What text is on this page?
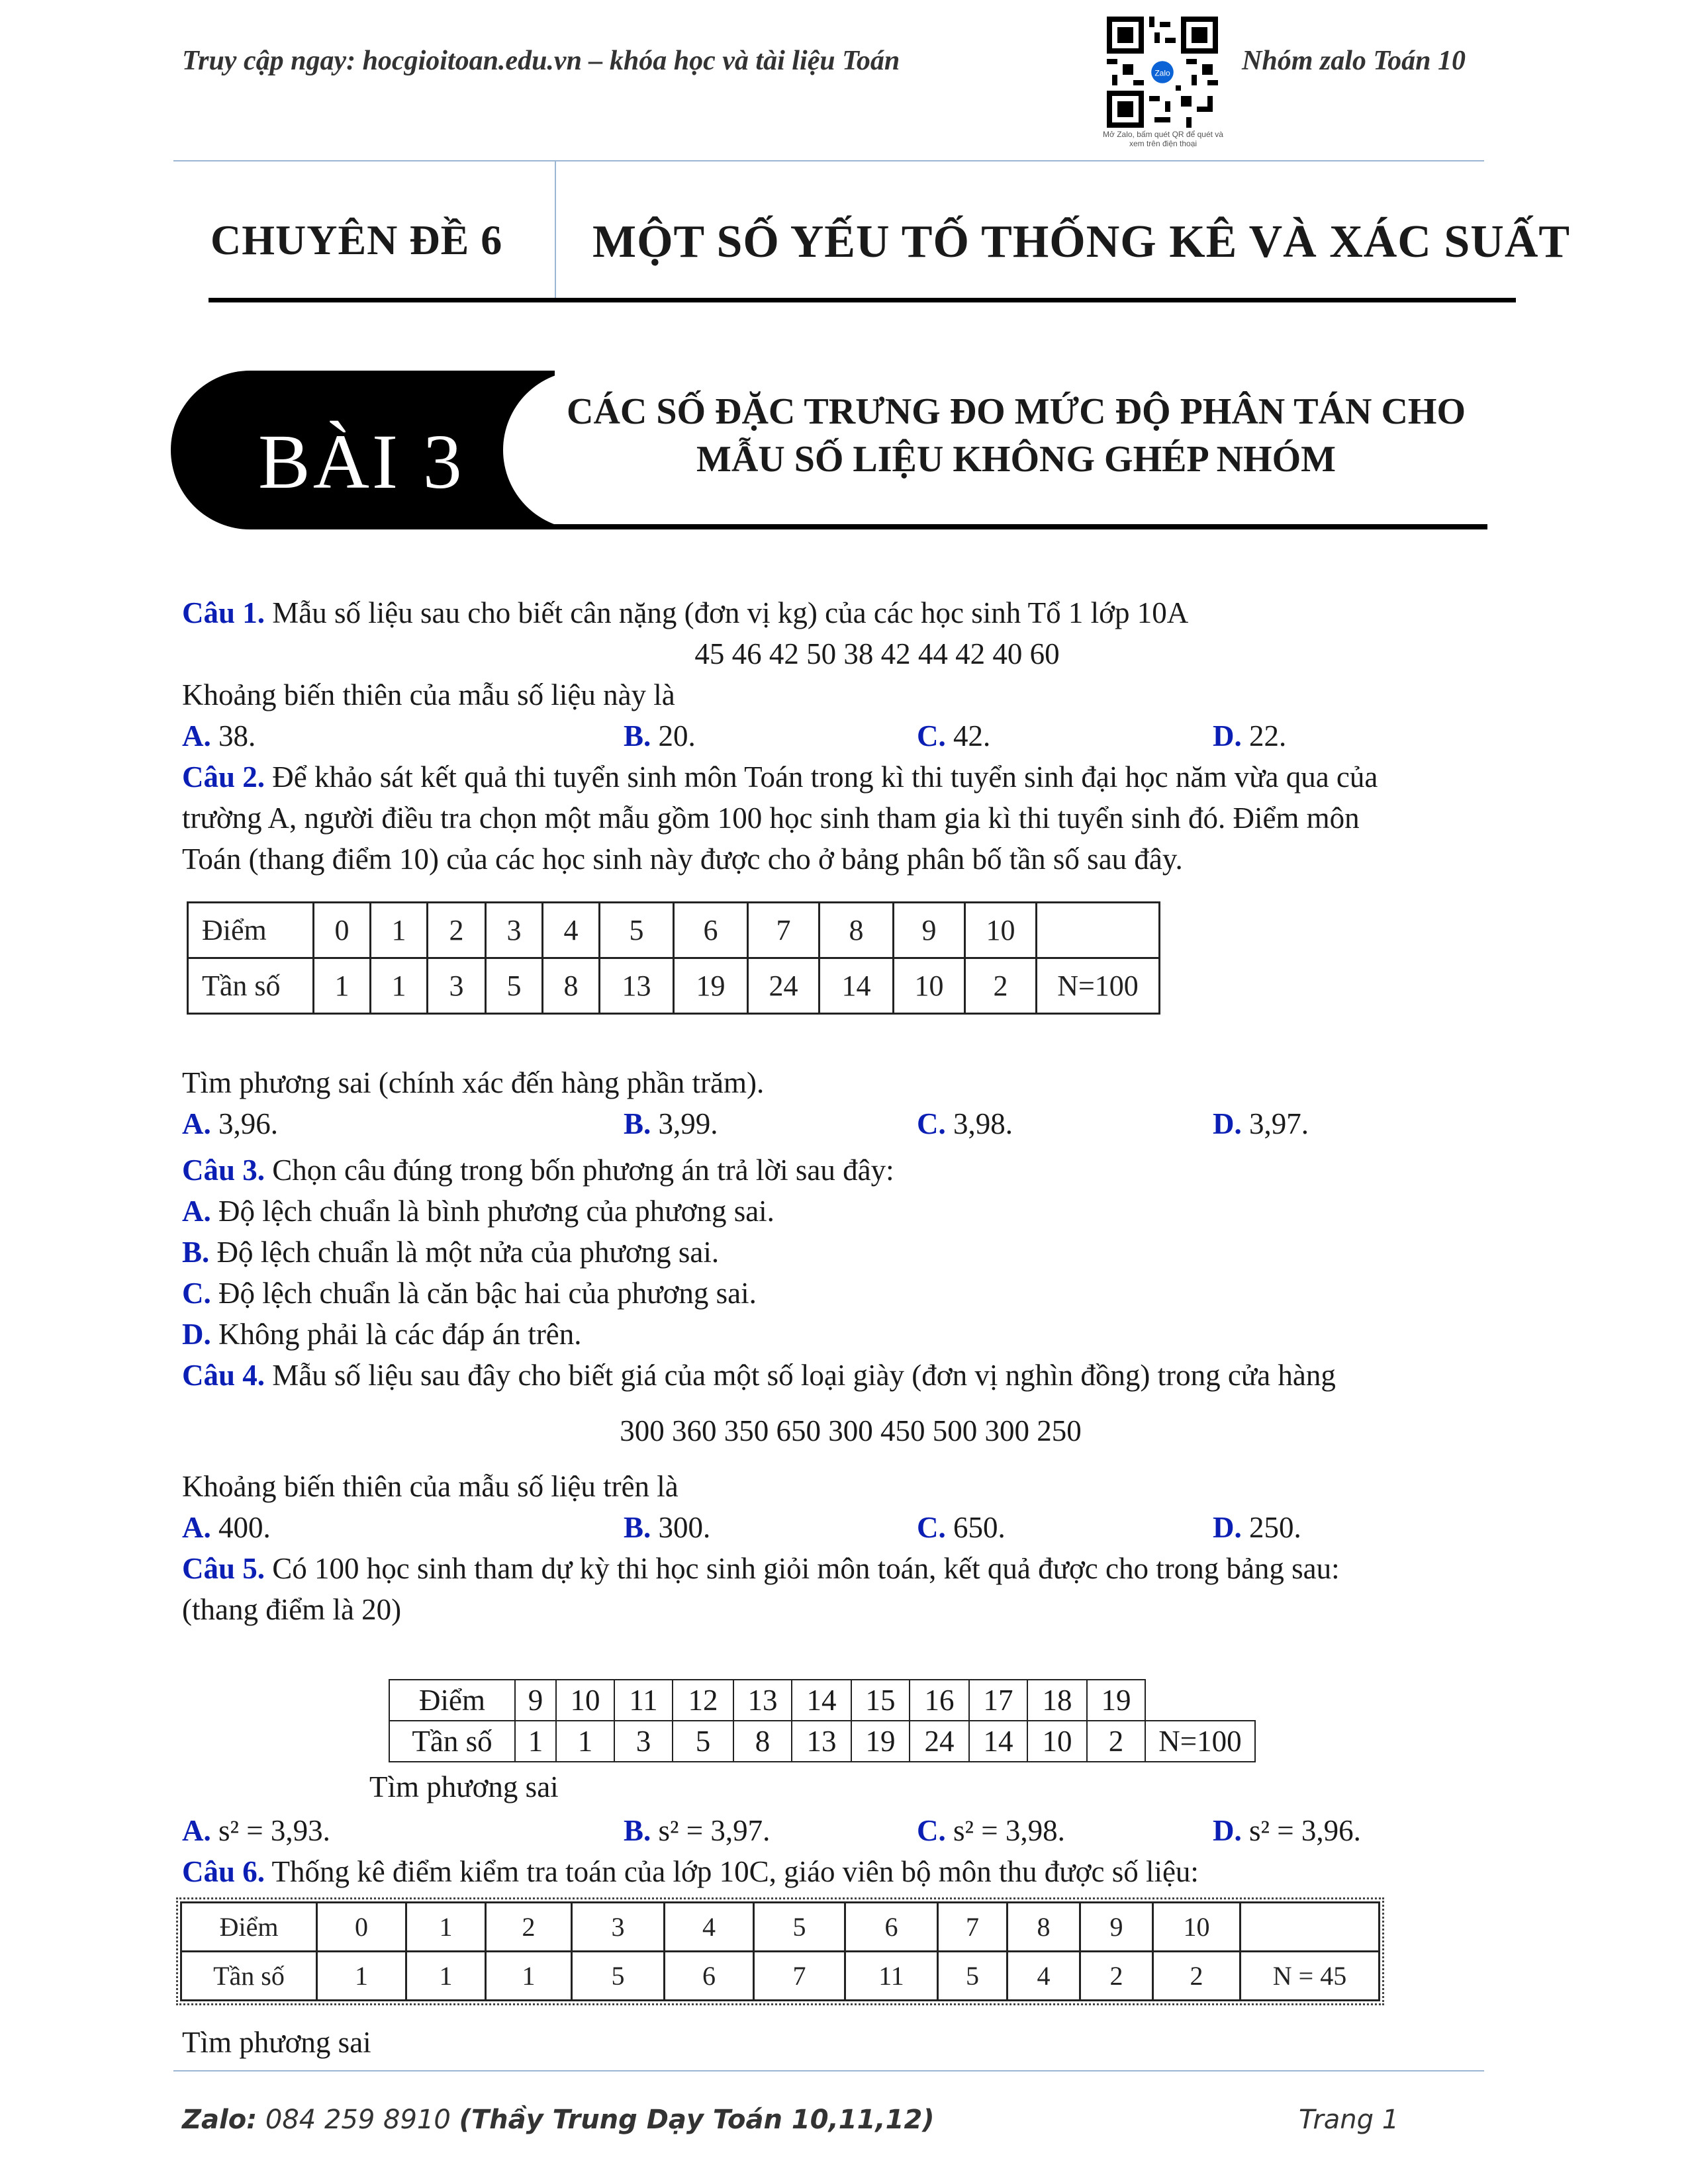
Truy cập ngay: hocgioitoan.edu.vn – khóa học và tài liệu Toán	Zalo
Mở Zalo, bấm quét QR để quét và xem trên điện thoại
Nhóm zalo Toán 10
CHUYÊN ĐỀ 6 MỘT SỐ YẾU TỐ THỐNG KÊ VÀ XÁC SUẤT
BÀI 3
CÁC SỐ ĐẶC TRƯNG ĐO MỨC ĐỘ PHÂN TÁN CHO
MẪU SỐ LIỆU KHÔNG GHÉP NHÓM
Câu 1. Mẫu số liệu sau cho biết cân nặng (đơn vị kg) của các học sinh Tổ 1 lớp 10A
45 46 42 50 38 42 44 42 40 60
Khoảng biến thiên của mẫu số liệu này là
A. 38.	B. 20.	C. 42.	D. 22.
Câu 2. Để khảo sát kết quả thi tuyển sinh môn Toán trong kì thi tuyển sinh đại học năm vừa qua của
trường A, người điều tra chọn một mẫu gồm 100 học sinh tham gia kì thi tuyển sinh đó. Điểm môn
Toán (thang điểm 10) của các học sinh này được cho ở bảng phân bố tần số sau đây.
Tìm phương sai (chính xác đến hàng phần trăm).
A. 3,96.	B. 3,99.	C. 3,98.	D. 3,97.
Câu 3. Chọn câu đúng trong bốn phương án trả lời sau đây:
A. Độ lệch chuẩn là bình phương của phương sai.
B. Độ lệch chuẩn là một nửa của phương sai.
C. Độ lệch chuẩn là căn bậc hai của phương sai.
D. Không phải là các đáp án trên.
Câu 4. Mẫu số liệu sau đây cho biết giá của một số loại giày (đơn vị nghìn đồng) trong cửa hàng
300 360 350 650 300 450 500 300 250
Khoảng biến thiên của mẫu số liệu trên là
A. 400.	B. 300.	C. 650.	D. 250.
Câu 5. Có 100 học sinh tham dự kỳ thi học sinh giỏi môn toán, kết quả được cho trong bảng sau:
(thang điểm là 20)
Tìm phương sai
A. s² = 3,93.	B. s² = 3,97.	C. s² = 3,98.	D. s² = 3,96.
Câu 6. Thống kê điểm kiểm tra toán của lớp 10C, giáo viên bộ môn thu được số liệu:
Tìm phương sai
Điểm	0	1	2	3	4	5	6	7	8	9	10	
Tần số	1	1	3	5	8	13	19	24	14	10	2	N=100
Điểm	9	10	11	12	13	14	15	16	17	18	19	
Tần số	1	1	3	5	8	13	19	24	14	10	2	N=100
Điểm	0	1	2	3	4	5	6	7	8	9	10	
Tần số	1	1	1	5	6	7	11	5	4	2	2	N = 45
Zalo: 084 259 8910 (Thầy Trung Dạy Toán 10,11,12)	Trang 1
